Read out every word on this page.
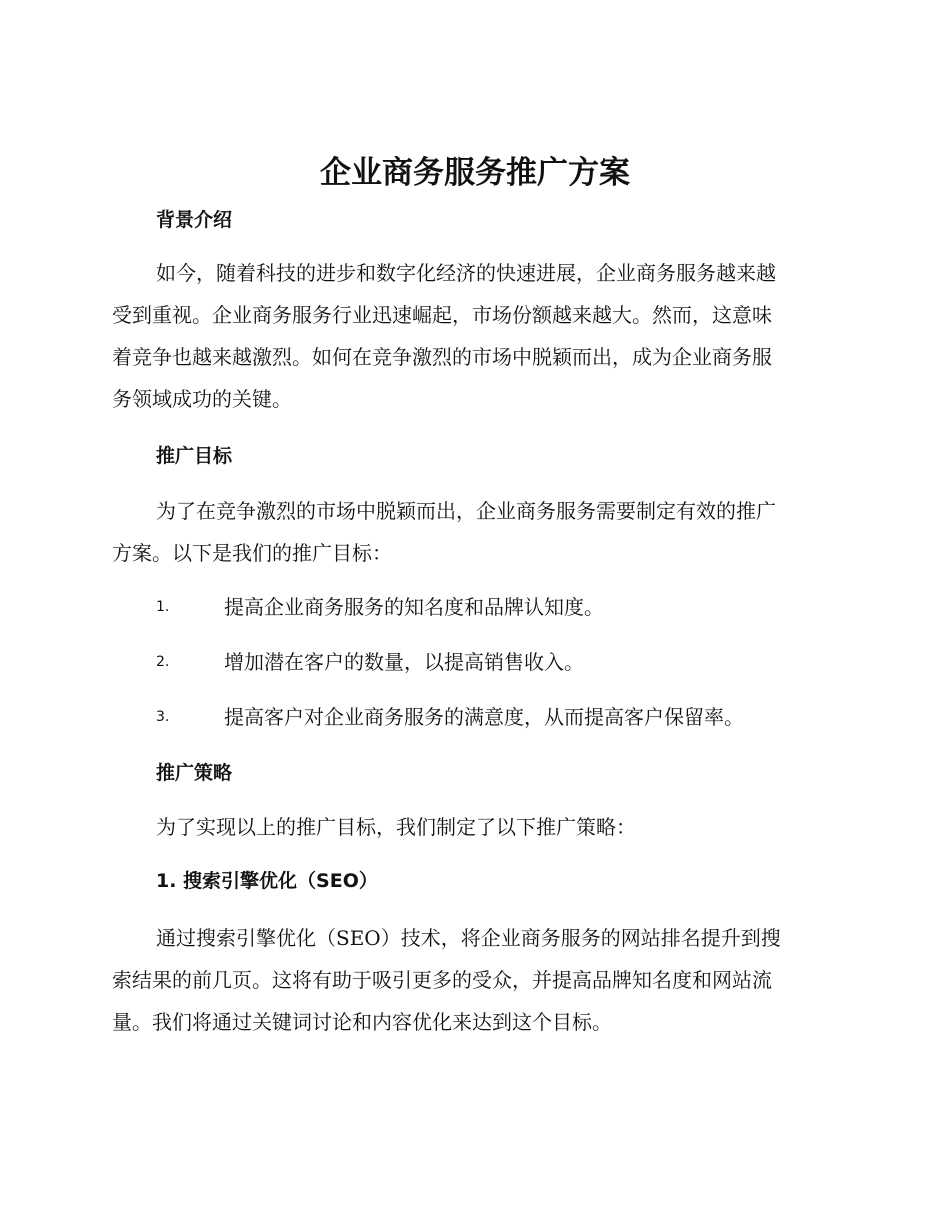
企业商务服务推广方案
背景介绍
如今，随着科技的进步和数字化经济的快速进展，企业商务服务越来越
受到重视。企业商务服务行业迅速崛起，市场份额越来越大。然而，这意味
着竞争也越来越激烈。如何在竞争激烈的市场中脱颖而出，成为企业商务服
务领域成功的关键。
推广目标
为了在竞争激烈的市场中脱颖而出，企业商务服务需要制定有效的推广
方案。以下是我们的推广目标：
1.	提高企业商务服务的知名度和品牌认知度。
2.	增加潜在客户的数量，以提高销售收入。
3.	提高客户对企业商务服务的满意度，从而提高客户保留率。
推广策略

为了实现以上的推广目标，我们制定了以下推广策略：

1. 搜索引擎优化（SEO）
通过搜索引擎优化（SEO）技术，将企业商务服务的网站排名提升到搜
索结果的前几页。这将有助于吸引更多的受众，并提高品牌知名度和网站流
量。我们将通过关键词讨论和内容优化来达到这个目标。
